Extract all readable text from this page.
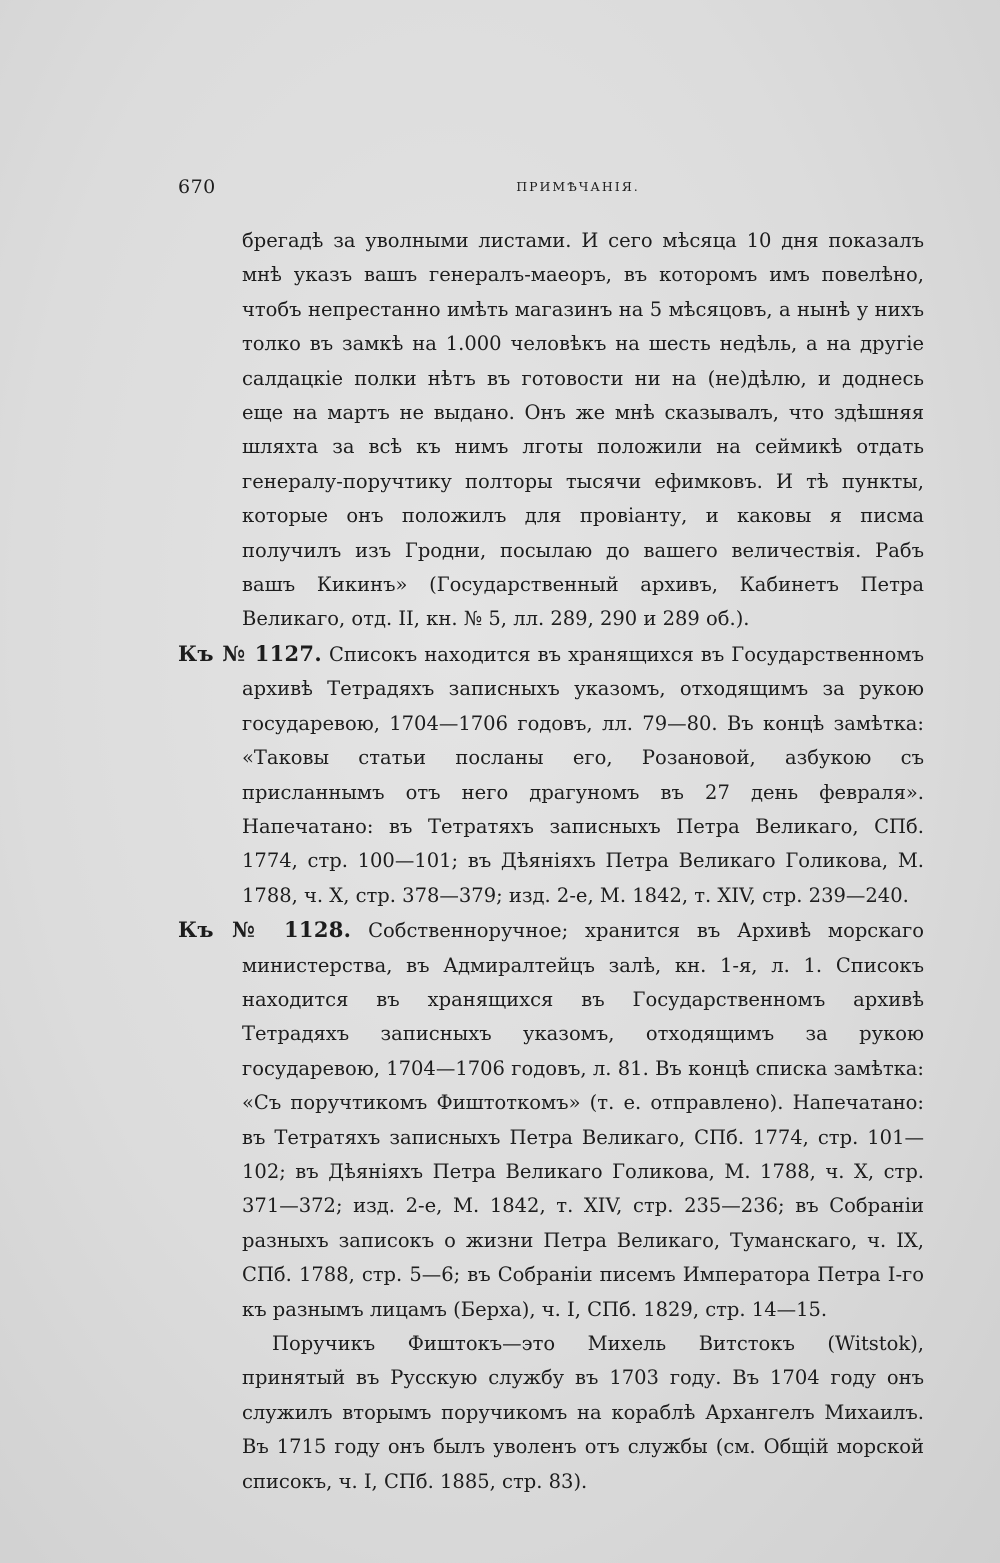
670	ПРИМѢЧАНІЯ.

брегадѣ за уволными листами. И сего мѣсяца 10 дня показалъ мнѣ указъ вашъ генералъ-маеоръ, въ которомъ имъ повелѣно, чтобъ непрестанно имѣть магазинъ на 5 мѣсяцовъ, а нынѣ у нихъ толко въ замкѣ на 1.000 человѣкъ на шесть недѣль, а на другіе салдацкіе полки нѣтъ въ готовости ни на (не)дѣлю, и доднесь еще на мартъ не выдано. Онъ же мнѣ сказывалъ, что здѣшняя шляхта за всѣ къ нимъ лготы положили на сеймикѣ отдать генералу-поручтику полторы тысячи ефимковъ. И тѣ пункты, которые онъ положилъ для провіанту, и каковы я писма получилъ изъ Гродни, посылаю до вашего величествія. Рабъ вашъ Кикинъ» (Государственный архивъ, Кабинетъ Петра Великаго, отд. II, кн. № 5, лл. 289, 290 и 289 об.).

Къ № 1127. Списокъ находится въ хранящихся въ Государственномъ архивѣ Тетрадяхъ записныхъ указомъ, отходящимъ за рукою государевою, 1704—1706 годовъ, лл. 79—80. Въ концѣ замѣтка: «Таковы статьи посланы его, Розановой, азбукою съ присланнымъ отъ него драгуномъ въ 27 день февраля». Напечатано: въ Тетратяхъ записныхъ Петра Великаго, СПб. 1774, стр. 100—101; въ Дѣяніяхъ Петра Великаго Голикова, М. 1788, ч. X, стр. 378—379; изд. 2-е, М. 1842, т. XIV, стр. 239—240.

Къ № 1128. Собственноручное; хранится въ Архивѣ морскаго министерства, въ Адмиралтейцъ залѣ, кн. 1-я, л. 1. Списокъ находится въ хранящихся въ Государственномъ архивѣ Тетрадяхъ записныхъ указомъ, отходящимъ за рукою государевою, 1704—1706 годовъ, л. 81. Въ концѣ списка замѣтка: «Съ поручтикомъ Фиштоткомъ» (т. е. отправлено). Напечатано: въ Тетратяхъ записныхъ Петра Великаго, СПб. 1774, стр. 101—102; въ Дѣяніяхъ Петра Великаго Голикова, М. 1788, ч. X, стр. 371—372; изд. 2-е, М. 1842, т. XIV, стр. 235—236; въ Собраніи разныхъ записокъ о жизни Петра Великаго, Туманскаго, ч. IX, СПб. 1788, стр. 5—6; въ Собраніи писемъ Императора Петра I-го къ разнымъ лицамъ (Берха), ч. I, СПб. 1829, стр. 14—15.

Поручикъ Фиштокъ—это Михель Витстокъ (Witstok), принятый въ Русскую службу въ 1703 году. Въ 1704 году онъ служилъ вторымъ поручикомъ на кораблѣ Архангелъ Михаилъ. Въ 1715 году онъ былъ уволенъ отъ службы (см. Общій морской списокъ, ч. I, СПб. 1885, стр. 83).
